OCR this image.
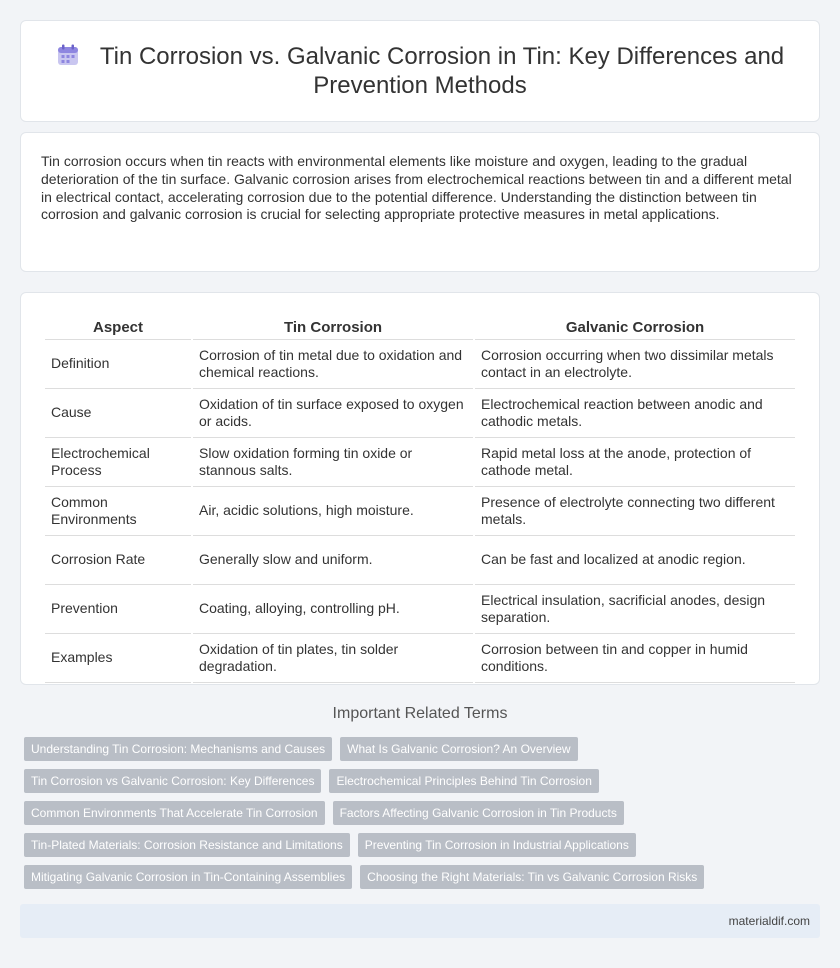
Tin Corrosion vs. Galvanic Corrosion in Tin: Key Differences and Prevention Methods

Tin corrosion occurs when tin reacts with environmental elements like moisture and oxygen, leading to the gradual deterioration of the tin surface. Galvanic corrosion arises from electrochemical reactions between tin and a different metal in electrical contact, accelerating corrosion due to the potential difference. Understanding the distinction between tin corrosion and galvanic corrosion is crucial for selecting appropriate protective measures in metal applications.

Aspect	Tin Corrosion	Galvanic Corrosion
Definition	Corrosion of tin metal due to oxidation and chemical reactions.	Corrosion occurring when two dissimilar metals contact in an electrolyte.
Cause	Oxidation of tin surface exposed to oxygen or acids.	Electrochemical reaction between anodic and cathodic metals.
Electrochemical Process	Slow oxidation forming tin oxide or stannous salts.	Rapid metal loss at the anode, protection of cathode metal.
Common Environments	Air, acidic solutions, high moisture.	Presence of electrolyte connecting two different metals.
Corrosion Rate	Generally slow and uniform.	Can be fast and localized at anodic region.
Prevention	Coating, alloying, controlling pH.	Electrical insulation, sacrificial anodes, design separation.
Examples	Oxidation of tin plates, tin solder degradation.	Corrosion between tin and copper in humid conditions.
Important Related Terms
Understanding Tin Corrosion: Mechanisms and Causes	What Is Galvanic Corrosion? An Overview
Tin Corrosion vs Galvanic Corrosion: Key Differences	Electrochemical Principles Behind Tin Corrosion
Common Environments That Accelerate Tin Corrosion	Factors Affecting Galvanic Corrosion in Tin Products
Tin-Plated Materials: Corrosion Resistance and Limitations	Preventing Tin Corrosion in Industrial Applications
Mitigating Galvanic Corrosion in Tin-Containing Assemblies	Choosing the Right Materials: Tin vs Galvanic Corrosion Risks
materialdif.com
